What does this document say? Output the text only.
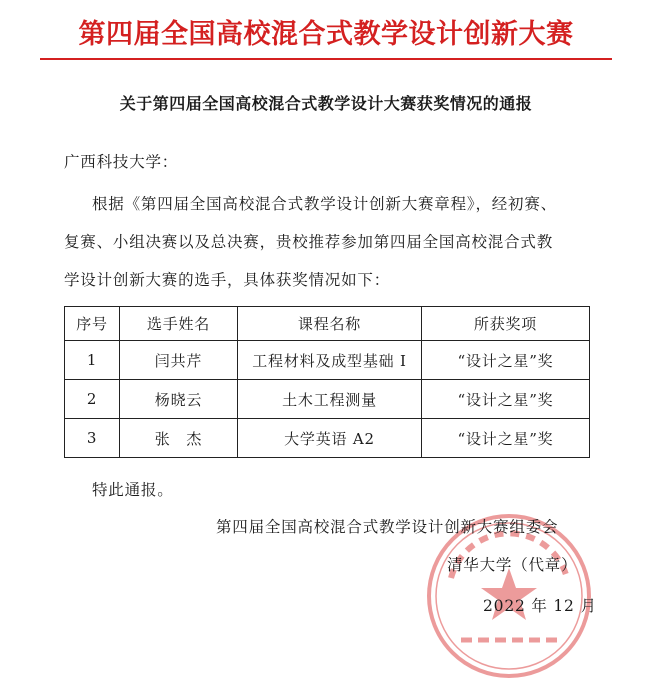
第四届全国高校混合式教学设计创新大赛
关于第四届全国高校混合式教学设计大赛获奖情况的通报
广西科技大学：
根据《第四届全国高校混合式教学设计创新大赛章程》，经初赛、
复赛、小组决赛以及总决赛，贵校推荐参加第四届全国高校混合式教
学设计创新大赛的选手，具体获奖情况如下：
序号	选手姓名	课程名称	所获奖项
1	闫共芹	工程材料及成型基础 I	“设计之星”奖
2	杨晓云	土木工程测量	“设计之星”奖
3	张　杰	大学英语 A2	“设计之星”奖
特此通报。
第四届全国高校混合式教学设计创新大赛组委会
清华大学（代章）
2022 年 12 月
